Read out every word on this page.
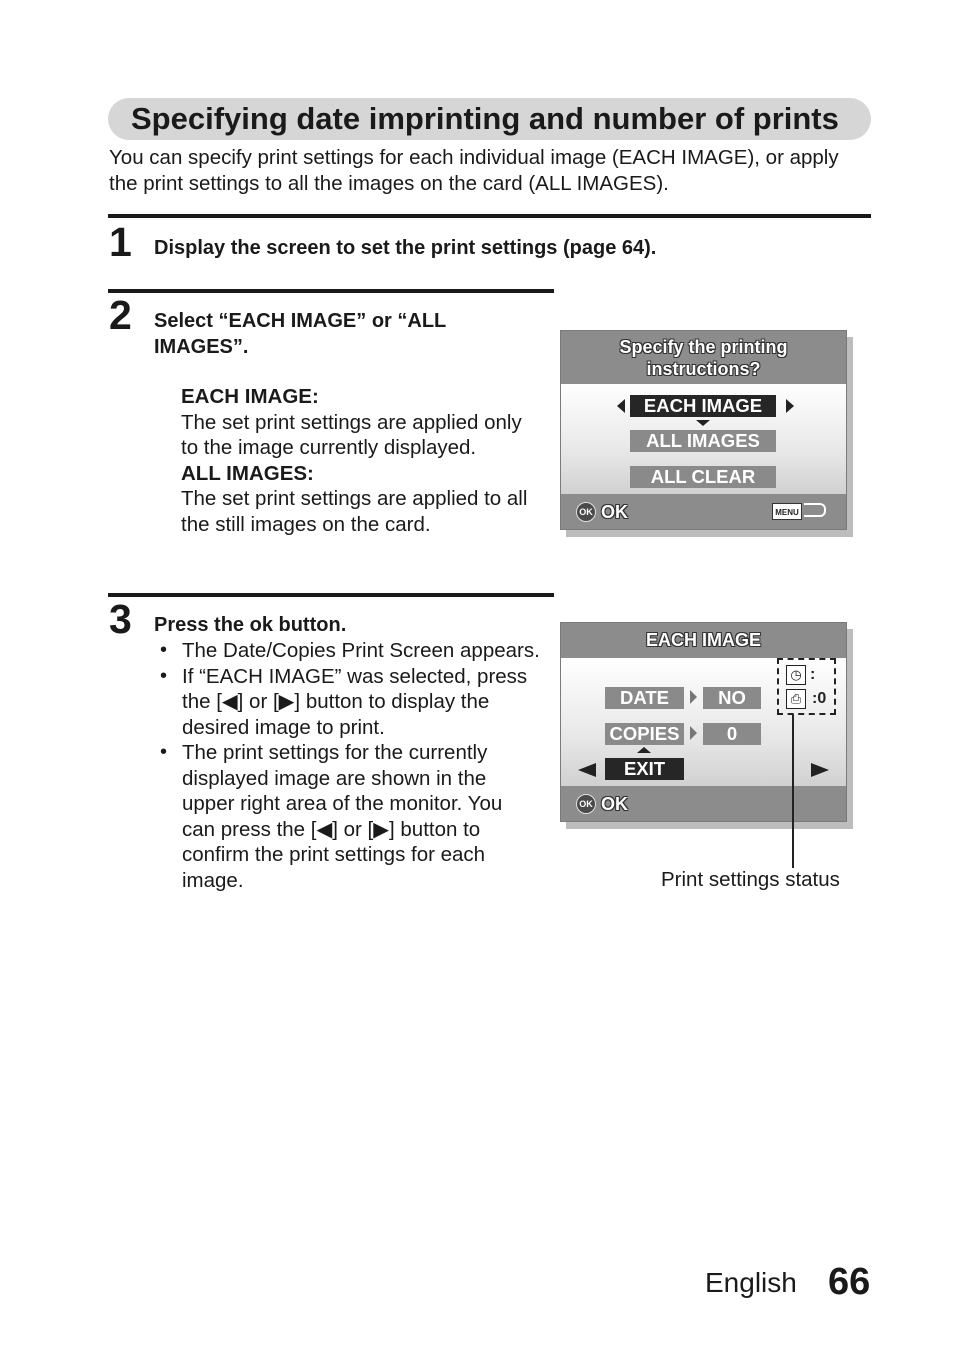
Specifying date imprinting and number of prints
You can specify print settings for each individual image (EACH IMAGE), or apply the print settings to all the images on the card (ALL IMAGES).
1 Display the screen to set the print settings (page 64).
2 Select “EACH IMAGE” or “ALL IMAGES”.
EACH IMAGE:
The set print settings are applied only to the image currently displayed.
ALL IMAGES:
The set print settings are applied to all the still images on the card.
Specify the printing
instructions?
EACH IMAGE
ALL IMAGES
ALL CLEAR
OK OK	MENU
3 Press the ok button.
• The Date/Copies Print Screen appears.
• If “EACH IMAGE” was selected, press the [◀] or [▶] button to display the desired image to print.
• The print settings for the currently displayed image are shown in the upper right area of the monitor. You can press the [◀] or [▶] button to confirm the print settings for each image.
EACH IMAGE
DATE	NO
COPIES	0
EXIT
◷ :
⎙ :0
OK OK
Print settings status
English 66
